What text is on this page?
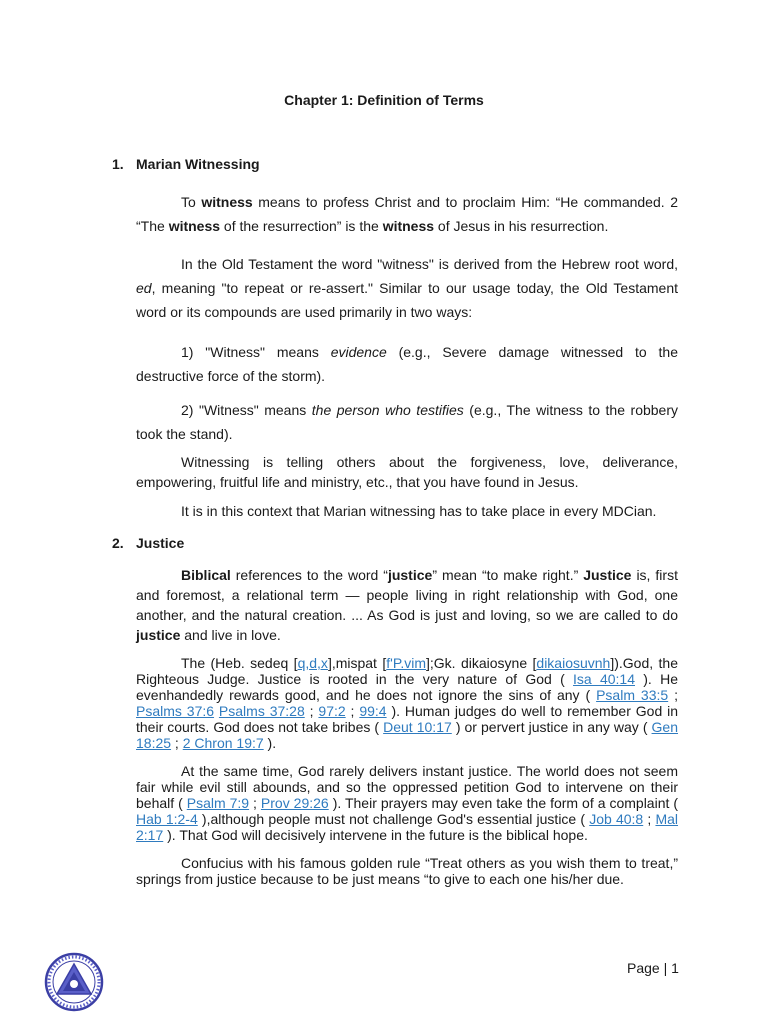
Chapter 1: Definition of Terms

1. Marian Witnessing

To witness means to profess Christ and to proclaim Him: “He commanded. 2 “The witness of the resurrection” is the witness of Jesus in his resurrection.

In the Old Testament the word "witness" is derived from the Hebrew root word, ed, meaning "to repeat or re-assert." Similar to our usage today, the Old Testament word or its compounds are used primarily in two ways:

1) "Witness" means evidence (e.g., Severe damage witnessed to the destructive force of the storm).

2) "Witness" means the person who testifies (e.g., The witness to the robbery took the stand).

Witnessing is telling others about the forgiveness, love, deliverance, empowering, fruitful life and ministry, etc., that you have found in Jesus.

It is in this context that Marian witnessing has to take place in every MDCian.

2. Justice

Biblical references to the word “justice” mean “to make right.” Justice is, first and foremost, a relational term — people living in right relationship with God, one another, and the natural creation. ... As God is just and loving, so we are called to do justice and live in love.

The (Heb. sedeq [q,d,x],mispat [f'P.vim];Gk. dikaiosyne [dikaiosuvnh]).God, the Righteous Judge. Justice is rooted in the very nature of God ( Isa 40:14 ). He evenhandedly rewards good, and he does not ignore the sins of any ( Psalm 33:5 ; Psalms 37:6 Psalms 37:28 ; 97:2 ; 99:4 ). Human judges do well to remember God in their courts. God does not take bribes ( Deut 10:17 ) or pervert justice in any way ( Gen 18:25 ; 2 Chron 19:7 ).

At the same time, God rarely delivers instant justice. The world does not seem fair while evil still abounds, and so the oppressed petition God to intervene on their behalf ( Psalm 7:9 ; Prov 29:26 ). Their prayers may even take the form of a complaint ( Hab 1:2-4 ),although people must not challenge God's essential justice ( Job 40:8 ; Mal 2:17 ). That God will decisively intervene in the future is the biblical hope.

Confucius with his famous golden rule “Treat others as you wish them to treat,” springs from justice because to be just means “to give to each one his/her due.

Page | 1
